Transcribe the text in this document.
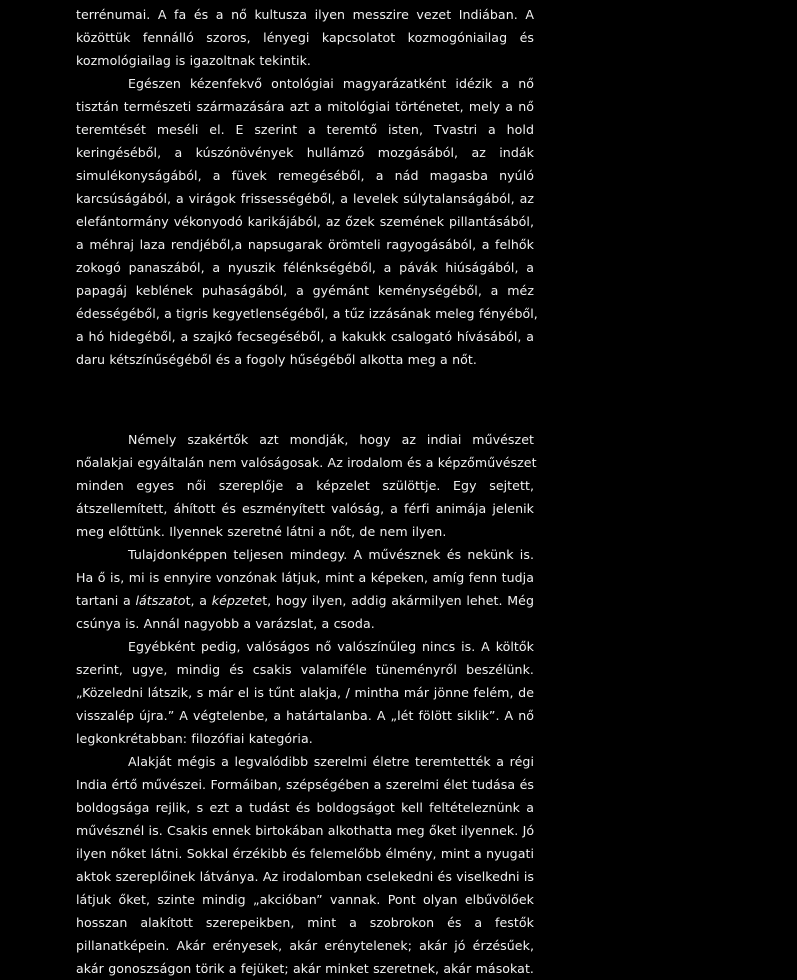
terrénumai. A fa és a nő kultusza ilyen messzire vezet Indiában. A
közöttük fennálló szoros, lényegi kapcsolatot kozmogóniailag és
kozmológiailag is igazoltnak tekintik.
Egészen kézenfekvő ontológiai magyarázatként idézik a nő
tisztán természeti származására azt a mitológiai történetet, mely a nő
teremtését meséli el. E szerint a teremtő isten, Tvastri a hold
keringéséből, a kúszónövények hullámzó mozgásából, az indák
simulékonyságából, a füvek remegéséből, a nád magasba nyúló
karcsúságából, a virágok frissességéből, a levelek súlytalanságából, az
elefántormány vékonyodó karikájából, az őzek szemének pillantásából,
a méhraj laza rendjéből,a napsugarak örömteli ragyogásából, a felhők
zokogó panaszából, a nyuszik félénkségéből, a pávák hiúságából, a
papagáj keblének puhaságából, a gyémánt keménységéből, a méz
édességéből, a tigris kegyetlenségéből, a tűz izzásának meleg fényéből,
a hó hidegéből, a szajkó fecsegéséből, a kakukk csalogató hívásából, a
daru kétszínűségéből és a fogoly hűségéből alkotta meg a nőt.
Némely szakértők azt mondják, hogy az indiai művészet
nőalakjai egyáltalán nem valóságosak. Az irodalom és a képzőművészet
minden egyes női szereplője a képzelet szülöttje. Egy sejtett,
átszellemített, áhított és eszményített valóság, a férfi animája jelenik
meg előttünk. Ilyennek szeretné látni a nőt, de nem ilyen.
Tulajdonképpen teljesen mindegy. A művésznek és nekünk is.
Ha ő is, mi is ennyire vonzónak látjuk, mint a képeken, amíg fenn tudja
tartani a látszatot, a képzetet, hogy ilyen, addig akármilyen lehet. Még
csúnya is. Annál nagyobb a varázslat, a csoda.
Egyébként pedig, valóságos nő valószínűleg nincs is. A költők
szerint, ugye, mindig és csakis valamiféle tüneményről beszélünk.
„Közeledni látszik, s már el is tűnt alakja, / mintha már jönne felém, de
visszalép újra.” A végtelenbe, a határtalanba. A „lét fölött siklik”. A nő
legkonkrétabban: filozófiai kategória.
Alakját mégis a legvalódibb szerelmi életre teremtették a régi
India értő művészei. Formáiban, szépségében a szerelmi élet tudása és
boldogsága rejlik, s ezt a tudást és boldogságot kell feltételeznünk a
művésznél is. Csakis ennek birtokában alkothatta meg őket ilyennek. Jó
ilyen nőket látni. Sokkal érzékibb és felemelőbb élmény, mint a nyugati
aktok szereplőinek látványa. Az irodalomban cselekedni és viselkedni is
látjuk őket, szinte mindig „akcióban” vannak. Pont olyan elbűvölőek
hosszan alakított szerepeikben, mint a szobrokon és a festők
pillanatképein. Akár erényesek, akár erénytelenek; akár jó érzésűek,
akár gonoszságon törik a fejüket; akár minket szeretnek, akár másokat.
